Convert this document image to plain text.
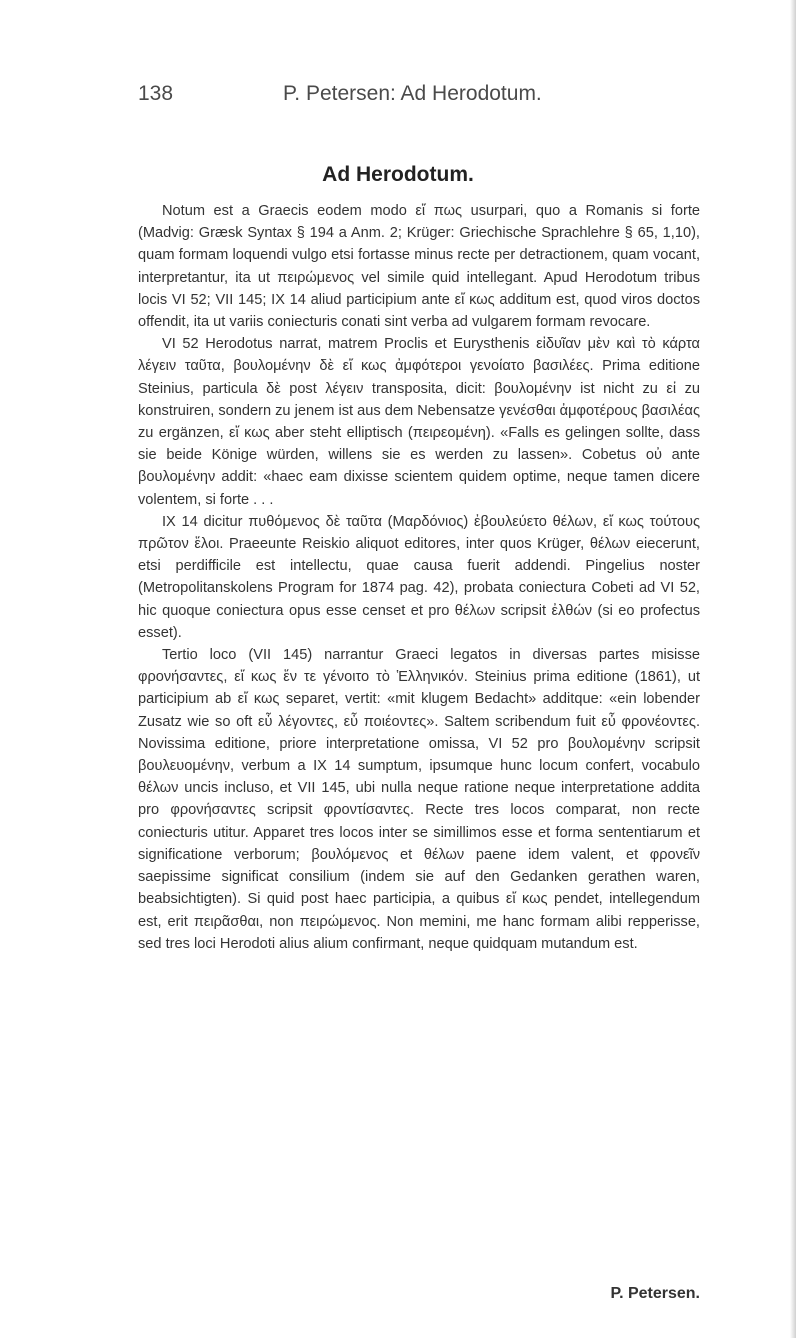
138	P. Petersen: Ad Herodotum.
Ad Herodotum.

Notum est a Graecis eodem modo εἴ πως usurpari, quo a Romanis si forte (Madvig: Græsk Syntax § 194 a Anm. 2; Krüger: Griechische Sprachlehre § 65, 1,10), quam formam loquendi vulgo etsi fortasse minus recte per detractionem, quam vocant, interpretantur, ita ut πειρώμενος vel simile quid intellegant. Apud Herodotum tribus locis VI 52; VII 145; IX 14 aliud participium ante εἴ κως additum est, quod viros doctos offendit, ita ut variis coniecturis conati sint verba ad vulgarem formam revocare.

VI 52 Herodotus narrat, matrem Proclis et Eurysthenis εἰδυῖαν μὲν καὶ τὸ κάρτα λέγειν ταῦτα, βουλομένην δὲ εἴ κως ἀμφότεροι γενοίατο βασιλέες. Prima editione Steinius, particula δὲ post λέγειν transposita, dicit: βουλομένην ist nicht zu εἰ zu konstruiren, sondern zu jenem ist aus dem Nebensatze γενέσθαι ἀμφοτέρους βασιλέας zu ergänzen, εἴ κως aber steht elliptisch (πειρεομένη). «Falls es gelingen sollte, dass sie beide Könige würden, willens sie es werden zu lassen». Cobetus οὐ ante βουλομένην addit: «haec eam dixisse scientem quidem optime, neque tamen dicere volentem, si forte . . .

IX 14 dicitur πυθόμενος δὲ ταῦτα (Μαρδόνιος) ἐβουλεύετο θέλων, εἴ κως τούτους πρῶτον ἕλοι. Praeeunte Reiskio aliquot editores, inter quos Krüger, θέλων eiecerunt, etsi perdifficile est intellectu, quae causa fuerit addendi. Pingelius noster (Metropolitanskolens Program for 1874 pag. 42), probata coniectura Cobeti ad VI 52, hic quoque coniectura opus esse censet et pro θέλων scripsit ἐλθών (si eo profectus esset).

Tertio loco (VII 145) narrantur Graeci legatos in diversas partes misisse φρονήσαντες, εἴ κως ἕν τε γένοιτο τὸ Ἑλληνικόν. Steinius prima editione (1861), ut participium ab εἴ κως separet, vertit: «mit klugem Bedacht» additque: «ein lobender Zusatz wie so oft εὖ λέγοντες, εὖ ποιέοντες». Saltem scribendum fuit εὖ φρονέοντες. Novissima editione, priore interpretatione omissa, VI 52 pro βουλομένην scripsit βουλευομένην, verbum a IX 14 sumptum, ipsumque hunc locum confert, vocabulo θέλων uncis incluso, et VII 145, ubi nulla neque ratione neque interpretatione addita pro φρονήσαντες scripsit φροντίσαντες. Recte tres locos comparat, non recte coniecturis utitur. Apparet tres locos inter se simillimos esse et forma sententiarum et significatione verborum; βουλόμενος et θέλων paene idem valent, et φρονεῖν saepissime significat consilium (indem sie auf den Gedanken gerathen waren, beabsichtigten). Si quid post haec participia, a quibus εἴ κως pendet, intellegendum est, erit πειρᾶσθαι, non πειρώμενος. Non memini, me hanc formam alibi repperisse, sed tres loci Herodoti alius alium confirmant, neque quidquam mutandum est.

P. Petersen.
